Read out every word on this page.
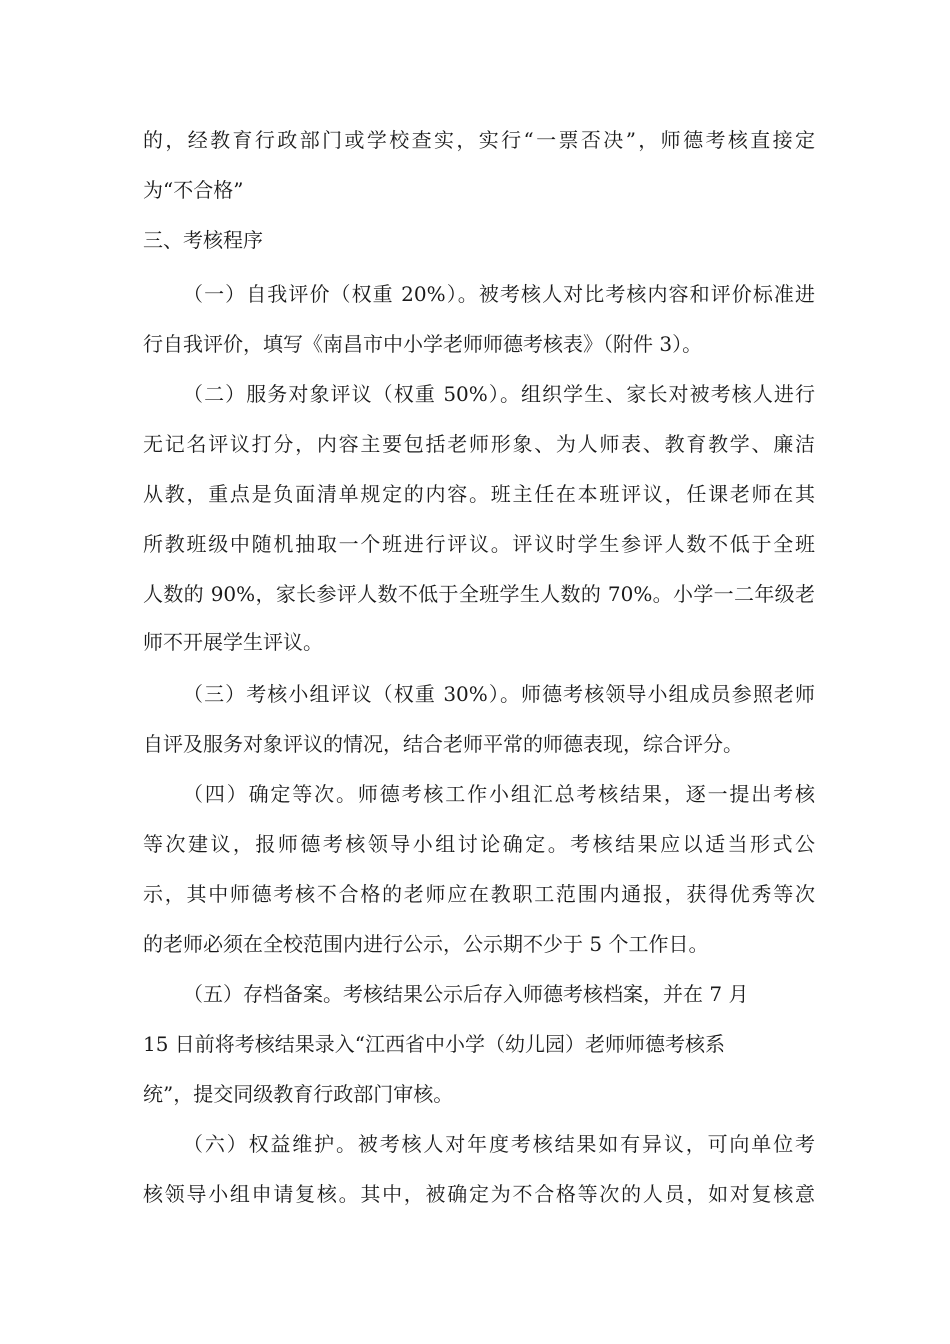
的，经教育行政部门或学校查实，实行“一票否决”，师德考核直接定
为“不合格”
三、考核程序
（一）自我评价（权重 20%）。被考核人对比考核内容和评价标准进
行自我评价，填写《南昌市中小学老师师德考核表》（附件 3）。
（二）服务对象评议（权重 50%）。组织学生、家长对被考核人进行
无记名评议打分，内容主要包括老师形象、为人师表、教育教学、廉洁
从教，重点是负面清单规定的内容。班主任在本班评议，任课老师在其
所教班级中随机抽取一个班进行评议。评议时学生参评人数不低于全班
人数的 90%，家长参评人数不低于全班学生人数的 70%。小学一二年级老
师不开展学生评议。
（三）考核小组评议（权重 30%）。师德考核领导小组成员参照老师
自评及服务对象评议的情况，结合老师平常的师德表现，综合评分。
（四）确定等次。师德考核工作小组汇总考核结果，逐一提出考核
等次建议，报师德考核领导小组讨论确定。考核结果应以适当形式公
示，其中师德考核不合格的老师应在教职工范围内通报，获得优秀等次
的老师必须在全校范围内进行公示，公示期不少于 5 个工作日。
（五）存档备案。考核结果公示后存入师德考核档案，并在 7 月
15 日前将考核结果录入“江西省中小学（幼儿园）老师师德考核系
统”，提交同级教育行政部门审核。
（六）权益维护。被考核人对年度考核结果如有异议，可向单位考
核领导小组申请复核。其中，被确定为不合格等次的人员，如对复核意
